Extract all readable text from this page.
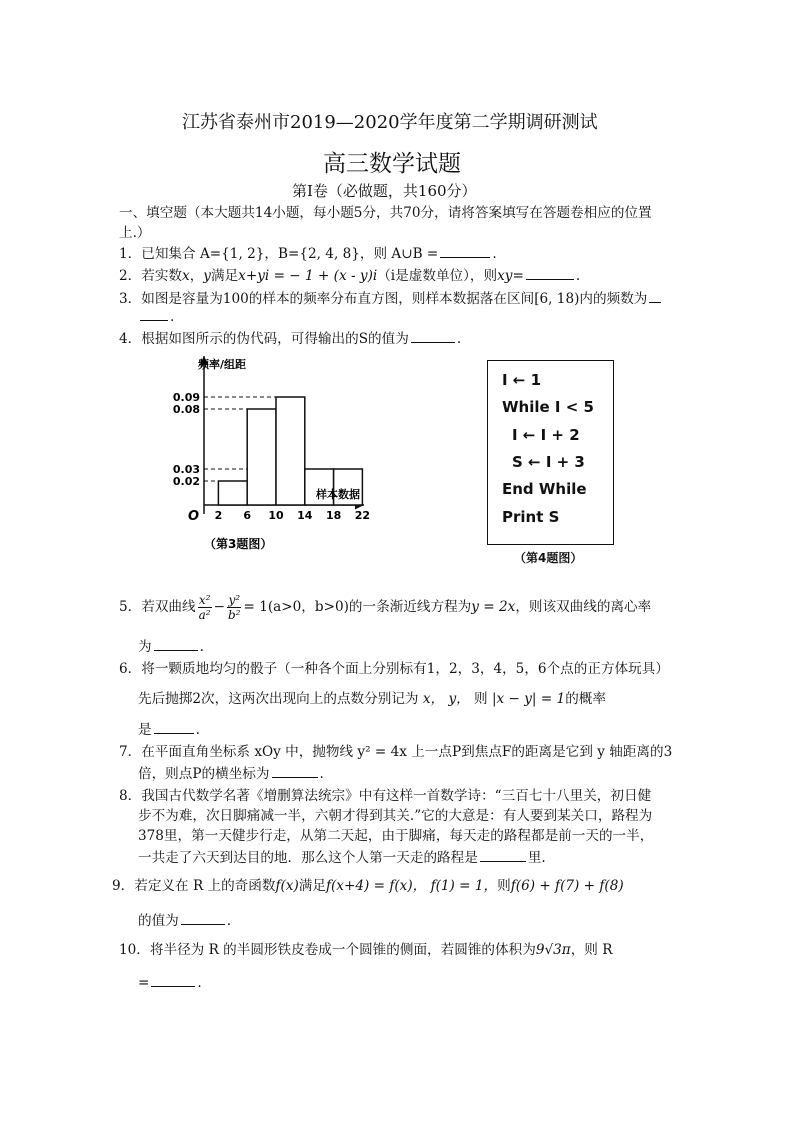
江苏省泰州市2019—2020学年度第二学期调研测试
高三数学试题
第I卷（必做题，共160分）
一、填空题（本大题共14小题，每小题5分，共70分，请将答案填写在答题卷相应的位置
上.）
1．已知集合 A={1, 2}，B={2, 4, 8}，则 A∪B =	.
2．若实数x，y满足x+yi = − 1 + (x - y)i（i是虚数单位），则xy=	.
3．如图是容量为100的样本的频率分布直方图，则样本数据落在区间[6, 18)内的频数为
.
4．根据如图所示的伪代码，可得输出的S的值为	.
2 6 10 14 18 22
0.02
0.03
0.08
0.09
频率/组距
样本数据
O
（第3题图）
I ← 1
While I < 5
I ← I + 2
S ← I + 3
End While
Print S
（第4题图）
5．若双曲线 $\frac{\text{x²}}{\text{a²}} - \frac{\text{y²}}{\text{b²}} = 1(a>0$，b>0)的一条渐近线方程为y = 2x，则该双曲线的离心率
为	.
6．将一颗质地均匀的骰子（一种各个面上分别标有1，2，3，4，5，6个点的正方体玩具）
先后抛掷2次，这两次出现向上的点数分别记为 x， y， 则 |x − y| = 1的概率
是	.
7．在平面直角坐标系 xOy 中，抛物线 y² = 4x 上一点P到焦点F的距离是它到 y 轴距离的3
倍，则点P的横坐标为	.
8．我国古代数学名著《增删算法统宗》中有这样一首数学诗：“三百七十八里关，初日健
步不为难，次日脚痛减一半，六朝才得到其关.”它的大意是：有人要到某关口，路程为
378里，第一天健步行走，从第二天起，由于脚痛，每天走的路程都是前一天的一半，
一共走了六天到达目的地．那么这个人第一天走的路程是	里.
9．若定义在 R 上的奇函数f(x)满足f(x+4) = f(x)， f(1) = 1，则f(6) + f(7) + f(8)
的值为	.
10．将半径为 R 的半圆形铁皮卷成一个圆锥的侧面，若圆锥的体积为9√3π，则 R
=	.
